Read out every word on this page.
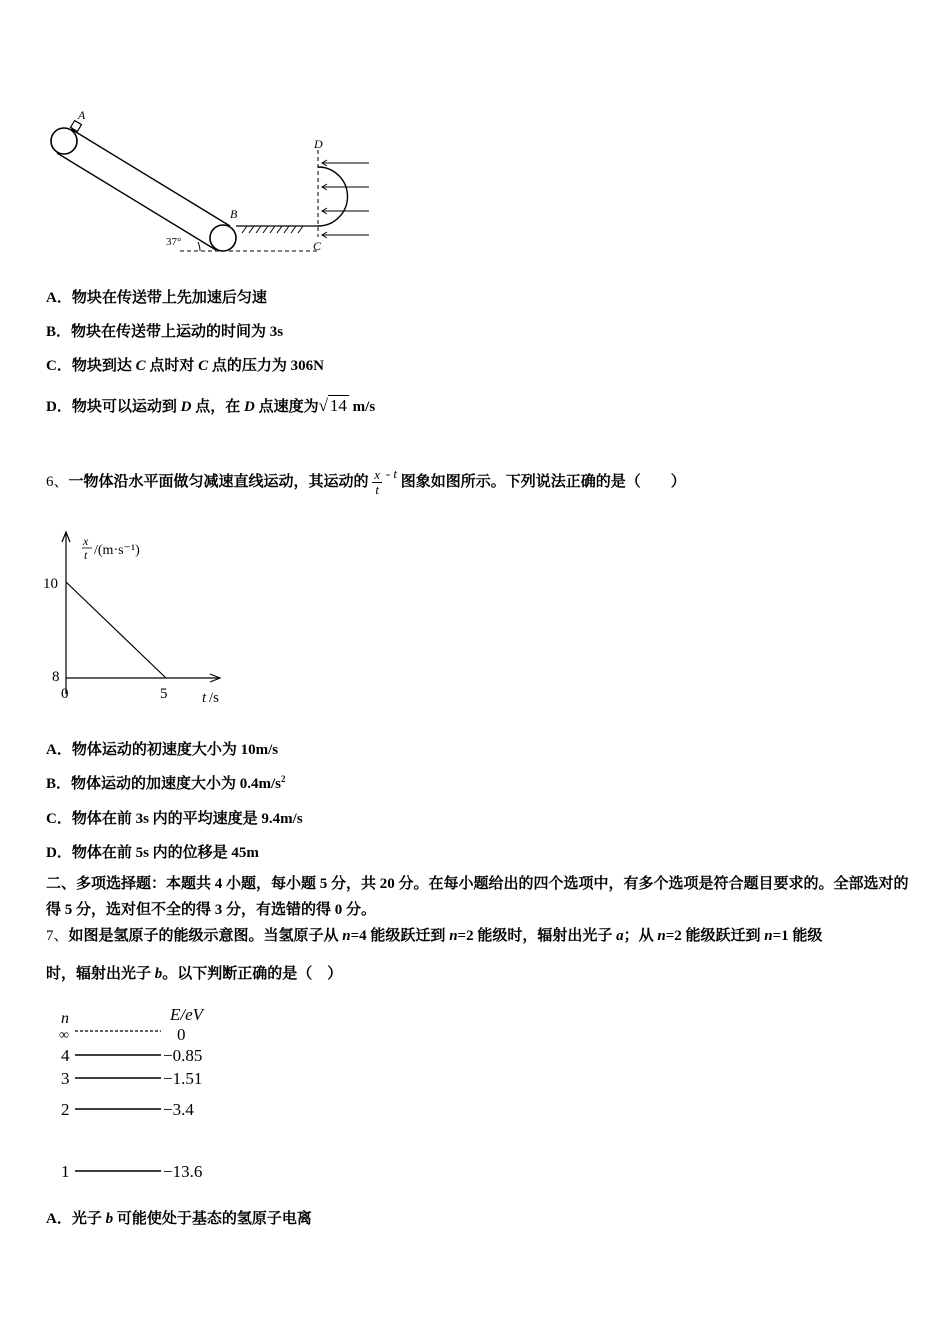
A
37°
B
D
C
A．物块在传送带上先加速后匀速
B．物块在传送带上运动的时间为 3s
C．物块到达 C 点时对 C 点的压力为 306N
D．物块可以运动到 D 点，在 D 点速度为√ 14 m/s
6、一物体沿水平面做匀减速直线运动，其运动的 $\frac{x}{t}$ - t 图象如图所示。下列说法正确的是（　　）
x
t /(m·s⁻¹)
10
8
0	5 t /s
A．物体运动的初速度大小为 10m/s
B．物体运动的加速度大小为 $0.4m/s^2$
C．物体在前 3s 内的平均速度是 9.4m/s
D．物体在前 5s 内的位移是 45m
二、多项选择题：本题共 4 小题，每小题 5 分，共 20 分。在每小题给出的四个选项中，有多个选项是符合题目要求的。全部选对的得 5 分，选对但不全的得 3 分，有选错的得 0 分。
7、如图是氢原子的能级示意图。当氢原子从 n=4 能级跃迁到 n=2 能级时，辐射出光子 a；从 n=2 能级跃迁到 n=1 能级
时，辐射出光子 b。以下判断正确的是（　）
n	E/eV
∞	0
4	−0.85
3	−1.51
2	−3.4
1	−13.6
A．光子 b 可能使处于基态的氢原子电离
